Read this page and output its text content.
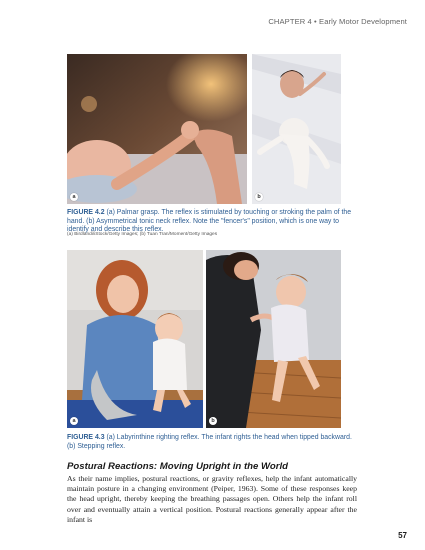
CHAPTER 4 • Early Motor Development
a	b
FIGURE 4.2 (a) Palmar grasp. The reflex is stimulated by touching or stroking the palm of the hand. (b) Asymmetrical tonic neck reflex. Note the "fencer's" position, which is one way to identify and describe this reflex.
(a) Birdlandi/iStock/Getty Images; (b) Tuan Tran/Moment/Getty Images
a	b
FIGURE 4.3 (a) Labyrinthine righting reflex. The infant rights the head when tipped backward. (b) Stepping reflex.
Postural Reactions: Moving Upright in the World
As their name implies, postural reactions, or gravity reflexes, help the infant automatically maintain posture in a changing environment (Peiper, 1963). Some of these responses keep the head upright, thereby keeping the breathing passages open. Others help the infant roll over and eventually attain a vertical position. Postural reactions generally appear after the infant is
57
